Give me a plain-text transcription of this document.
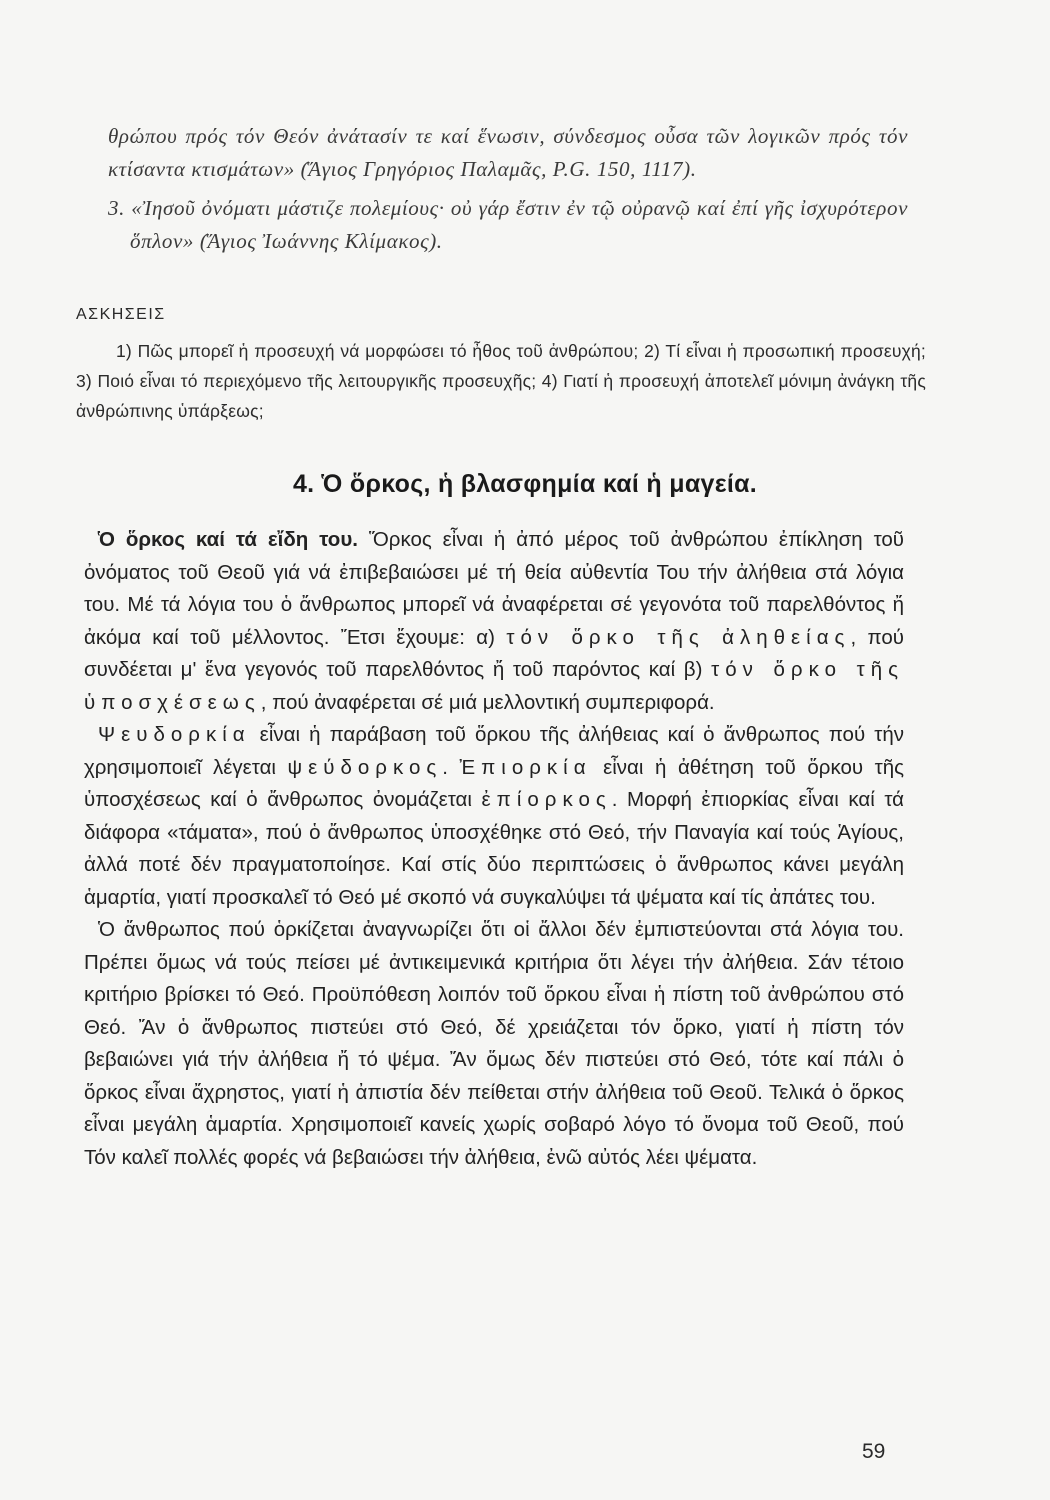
θρώπου πρός τόν Θεόν ἀνάτασίν τε καί ἕνωσιν, σύνδεσμος οὖσα τῶν λογικῶν πρός τόν κτίσαντα κτισμάτων» (Ἅγιος Γρηγόριος Παλαμᾶς, P.G. 150, 1117).

3. «Ἰησοῦ ὀνόματι μάστιζε πολεμίους· οὐ γάρ ἔστιν ἐν τῷ οὐρανῷ καί ἐπί γῆς ἰσχυρότερον ὅπλον» (Ἅγιος Ἰωάννης Κλίμακος).

ΑΣΚΗΣΕΙΣ

1) Πῶς μπορεῖ ἡ προσευχή νά μορφώσει τό ἦθος τοῦ ἀνθρώπου; 2) Τί εἶναι ἡ προσωπική προσευχή; 3) Ποιό εἶναι τό περιεχόμενο τῆς λειτουργικῆς προσευχῆς; 4) Γιατί ἡ προσευχή ἀποτελεῖ μόνιμη ἀνάγκη τῆς ἀνθρώπινης ὑπάρξεως;

4. Ὁ ὅρκος, ἡ βλασφημία καί ἡ μαγεία.

Ὁ ὅρκος καί τά εἴδη του. Ὅρκος εἶναι ἡ ἀπό μέρος τοῦ ἀνθρώπου ἐπίκληση τοῦ ὀνόματος τοῦ Θεοῦ γιά νά ἐπιβεβαιώσει μέ τή θεία αὐθεντία Του τήν ἀλήθεια στά λόγια του. Μέ τά λόγια του ὁ ἄνθρωπος μπορεῖ νά ἀναφέρεται σέ γεγονότα τοῦ παρελθόντος ἤ ἀκόμα καί τοῦ μέλλοντος. Ἔτσι ἔχουμε: α) τόν ὅρκο τῆς ἀληθείας, πού συνδέεται μ' ἕνα γεγονός τοῦ παρελθόντος ἤ τοῦ παρόντος καί β) τόν ὅρκο τῆς ὑποσχέσεως, πού ἀναφέρεται σέ μιά μελλοντική συμπεριφορά.

Ψευδορκία εἶναι ἡ παράβαση τοῦ ὅρκου τῆς ἀλήθειας καί ὁ ἄνθρωπος πού τήν χρησιμοποιεῖ λέγεται ψεύδορκος. Ἐπιορκία εἶναι ἡ ἀθέτηση τοῦ ὅρκου τῆς ὑποσχέσεως καί ὁ ἄνθρωπος ὀνομάζεται ἐπίορκος. Μορφή ἐπιορκίας εἶναι καί τά διάφορα «τάματα», πού ὁ ἄνθρωπος ὑποσχέθηκε στό Θεό, τήν Παναγία καί τούς Ἁγίους, ἀλλά ποτέ δέν πραγματοποίησε. Καί στίς δύο περιπτώσεις ὁ ἄνθρωπος κάνει μεγάλη ἁμαρτία, γιατί προσκαλεῖ τό Θεό μέ σκοπό νά συγκαλύψει τά ψέματα καί τίς ἀπάτες του.

Ὁ ἄνθρωπος πού ὁρκίζεται ἀναγνωρίζει ὅτι οἱ ἄλλοι δέν ἐμπιστεύονται στά λόγια του. Πρέπει ὅμως νά τούς πείσει μέ ἀντικειμενικά κριτήρια ὅτι λέγει τήν ἀλήθεια. Σάν τέτοιο κριτήριο βρίσκει τό Θεό. Προϋπόθεση λοιπόν τοῦ ὅρκου εἶναι ἡ πίστη τοῦ ἀνθρώπου στό Θεό. Ἄν ὁ ἄνθρωπος πιστεύει στό Θεό, δέ χρειάζεται τόν ὅρκο, γιατί ἡ πίστη τόν βεβαιώνει γιά τήν ἀλήθεια ἤ τό ψέμα. Ἄν ὅμως δέν πιστεύει στό Θεό, τότε καί πάλι ὁ ὅρκος εἶναι ἄχρηστος, γιατί ἡ ἀπιστία δέν πείθεται στήν ἀλήθεια τοῦ Θεοῦ. Τελικά ὁ ὅρκος εἶναι μεγάλη ἁμαρτία. Χρησιμοποιεῖ κανείς χωρίς σοβαρό λόγο τό ὄνομα τοῦ Θεοῦ, πού Τόν καλεῖ πολλές φορές νά βεβαιώσει τήν ἀλήθεια, ἐνῶ αὐτός λέει ψέματα.

59
